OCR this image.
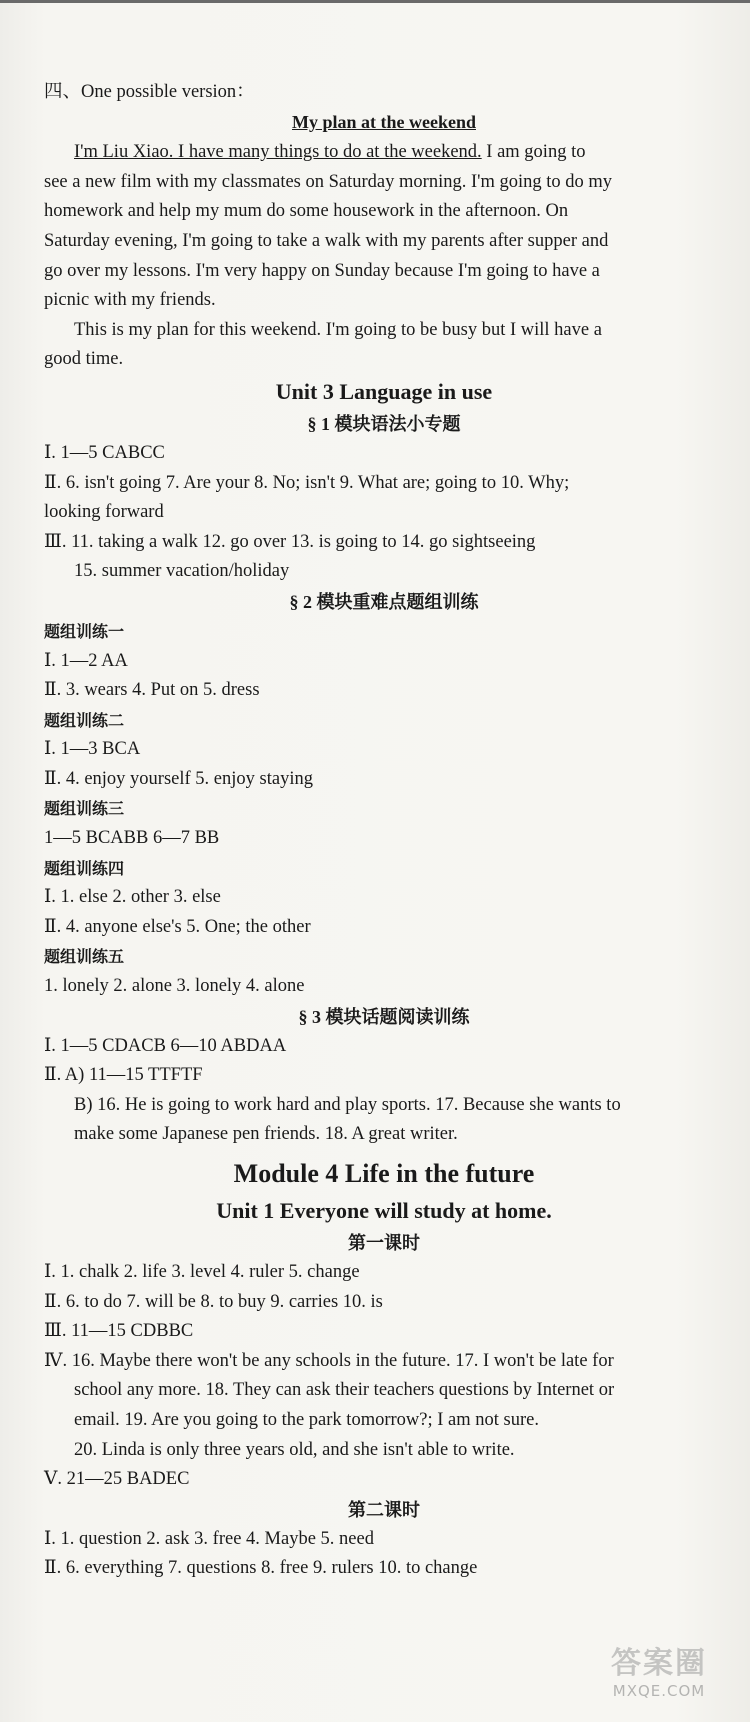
四、One possible version：
My plan at the weekend
I'm Liu Xiao. I have many things to do at the weekend. I am going to
see a new film with my classmates on Saturday morning. I'm going to do my
homework and help my mum do some housework in the afternoon. On
Saturday evening, I'm going to take a walk with my parents after supper and
go over my lessons. I'm very happy on Sunday because I'm going to have a
picnic with my friends.
This is my plan for this weekend. I'm going to be busy but I will have a
good time.
Unit 3 Language in use
§ 1 模块语法小专题
Ⅰ. 1—5 CABCC
Ⅱ. 6. isn't going 7. Are your 8. No; isn't 9. What are; going to 10. Why;
looking forward
Ⅲ. 11. taking a walk 12. go over 13. is going to 14. go sightseeing
15. summer vacation/holiday
§ 2 模块重难点题组训练
题组训练一
Ⅰ. 1—2 AA
Ⅱ. 3. wears 4. Put on 5. dress
题组训练二
Ⅰ. 1—3 BCA
Ⅱ. 4. enjoy yourself 5. enjoy staying
题组训练三
1—5 BCABB 6—7 BB
题组训练四
Ⅰ. 1. else 2. other 3. else
Ⅱ. 4. anyone else's 5. One; the other
题组训练五
1. lonely 2. alone 3. lonely 4. alone
§ 3 模块话题阅读训练
Ⅰ. 1—5 CDACB 6—10 ABDAA
Ⅱ. A) 11—15 TTFTF
B) 16. He is going to work hard and play sports. 17. Because she wants to
make some Japanese pen friends. 18. A great writer.
Module 4 Life in the future
Unit 1 Everyone will study at home.
第一课时
Ⅰ. 1. chalk 2. life 3. level 4. ruler 5. change
Ⅱ. 6. to do 7. will be 8. to buy 9. carries 10. is
Ⅲ. 11—15 CDBBC
Ⅳ. 16. Maybe there won't be any schools in the future. 17. I won't be late for
school any more. 18. They can ask their teachers questions by Internet or
email. 19. Are you going to the park tomorrow?; I am not sure.
20. Linda is only three years old, and she isn't able to write.
Ⅴ. 21—25 BADEC
第二课时
Ⅰ. 1. question 2. ask 3. free 4. Maybe 5. need
Ⅱ. 6. everything 7. questions 8. free 9. rulers 10. to change
答案圈
MXQE.COM
